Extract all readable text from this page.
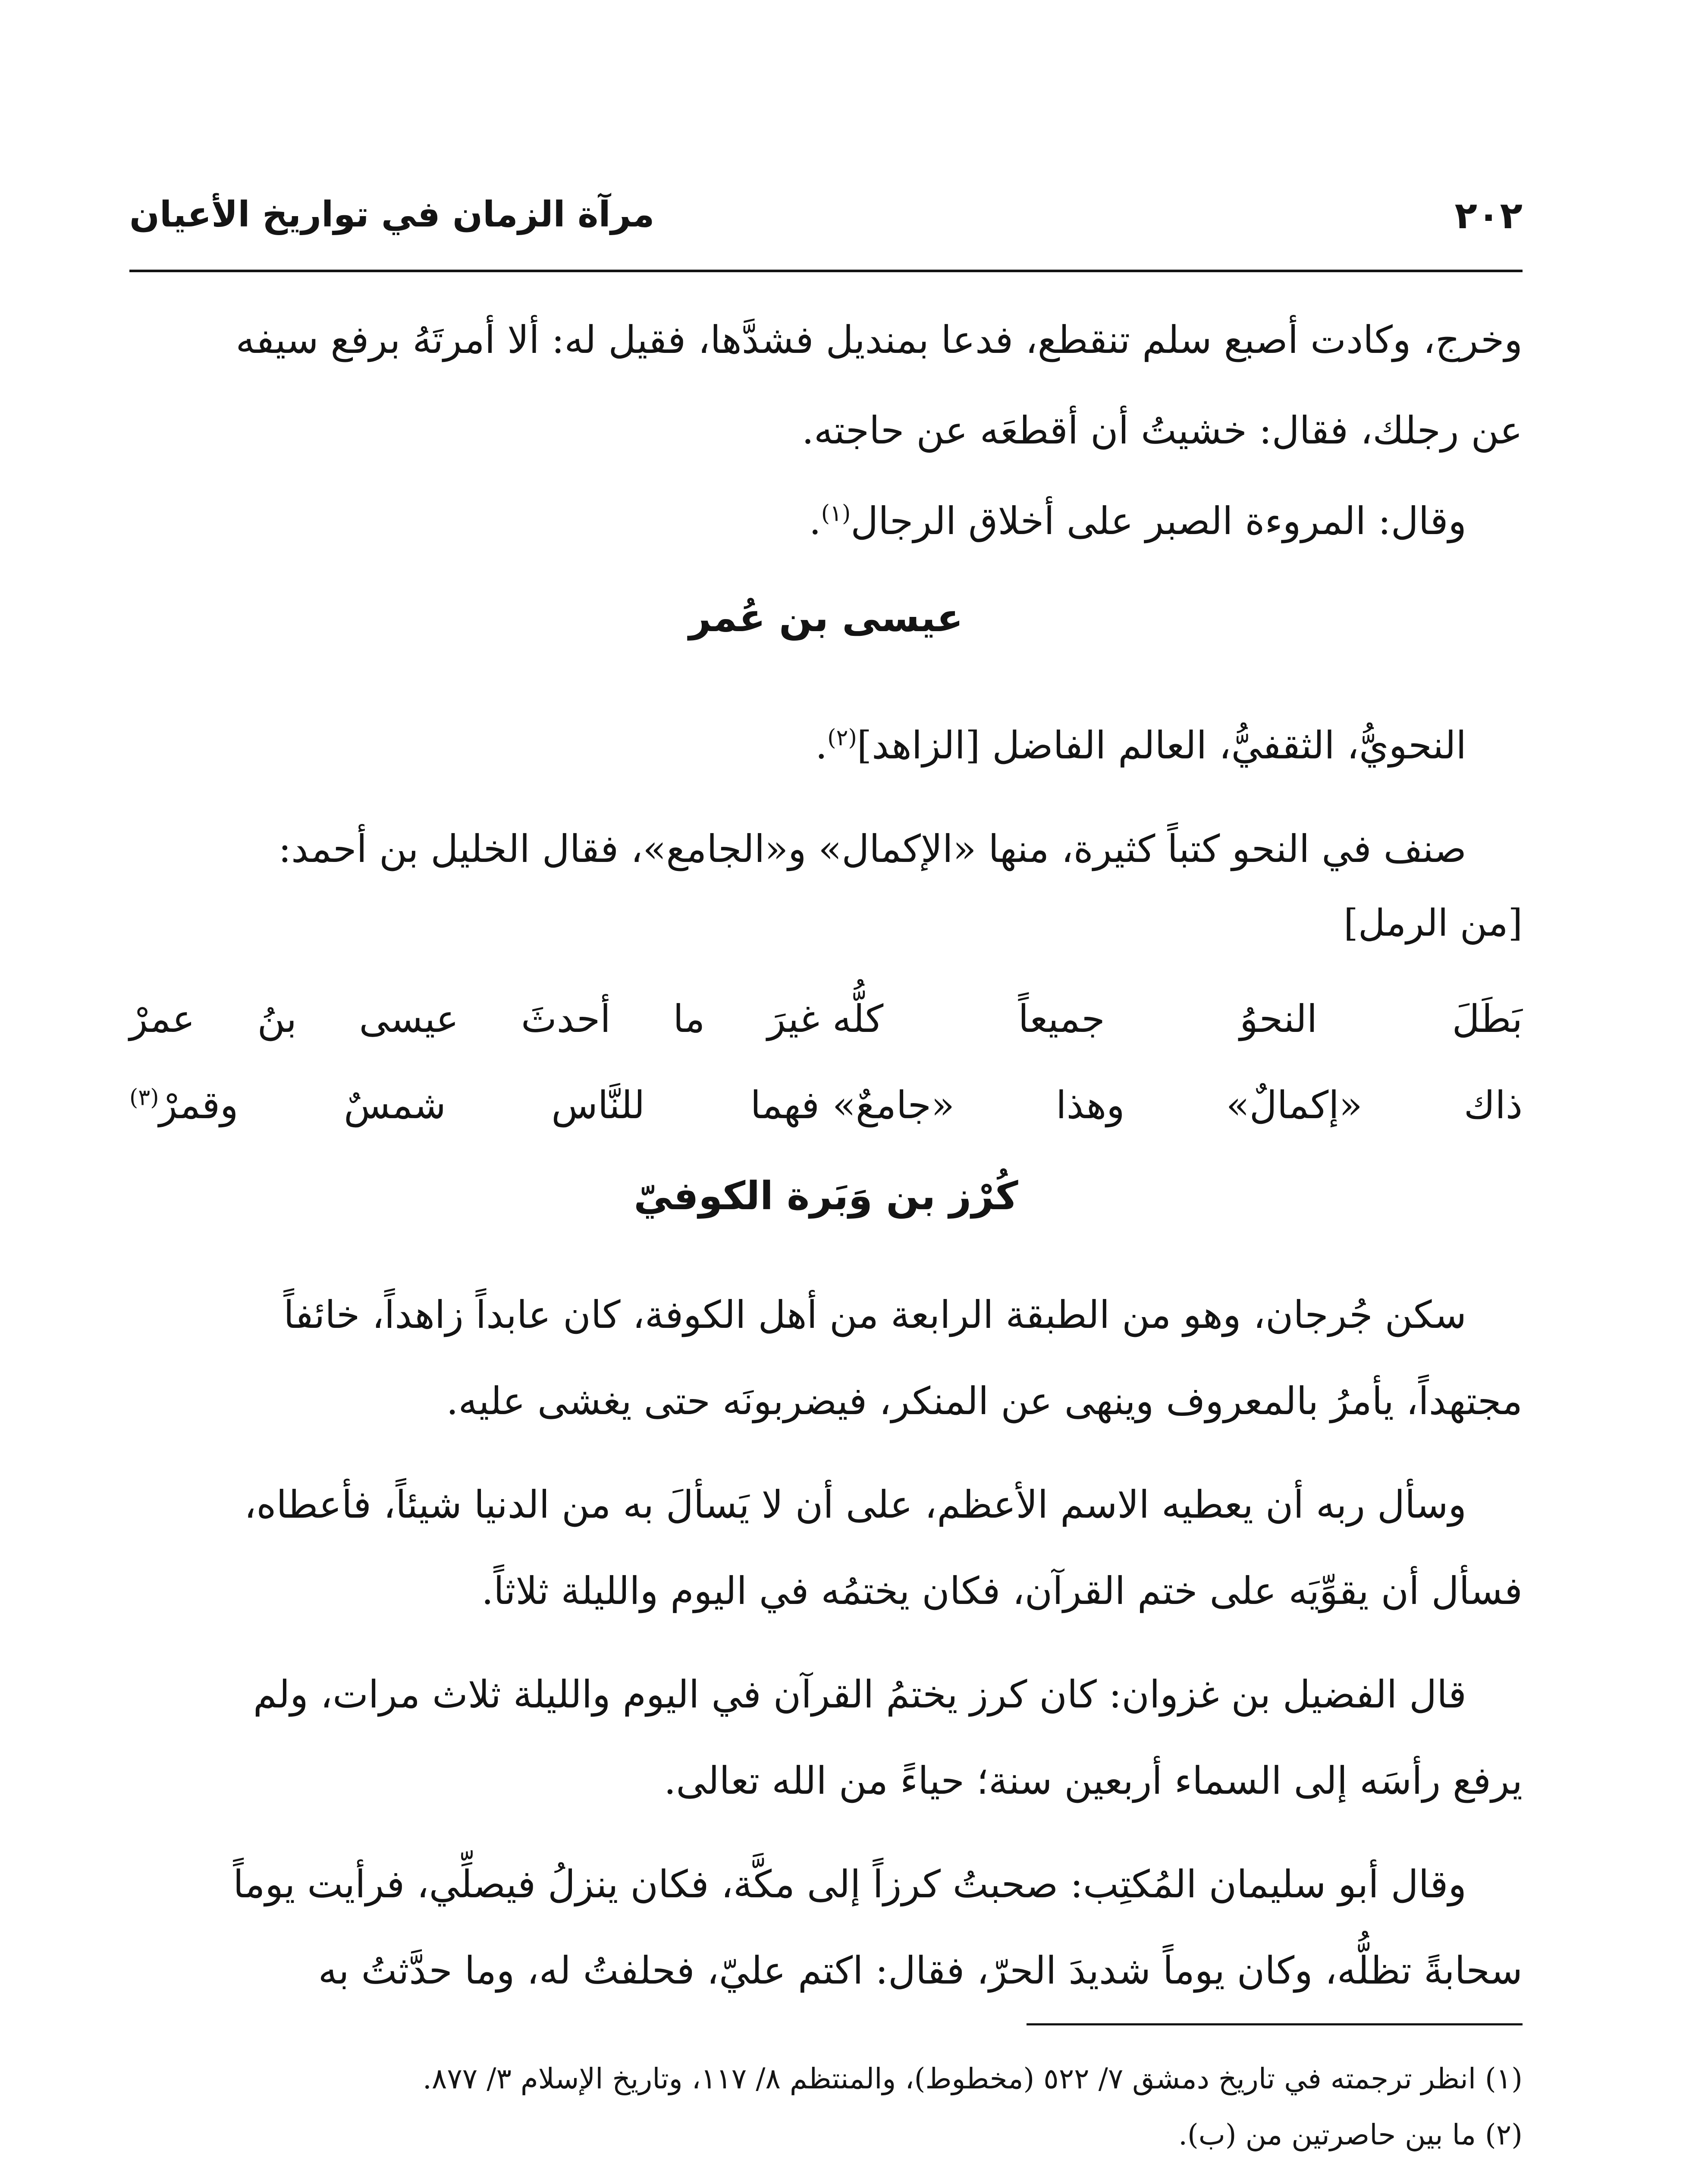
٢٠٢
مرآة الزمان في تواريخ الأعيان
وخرج، وكادت أصبع سلم تنقطع، فدعا بمنديل فشدَّها، فقيل له: ألا أمرتَهُ برفع سيفه
عن رجلك، فقال: خشيتُ أن أقطعَه عن حاجته.
وقال: المروءة الصبر على أخلاق الرجال$^{(١)}$.
عيسى بن عُمر
النحويُّ، الثقفيُّ، العالم الفاضل [الزاهد]$^{(٢)}$.
صنف في النحو كتباً كثيرة، منها «الإكمال» و«الجامع»، فقال الخليل بن أحمد:
[من الرمل]
بَطَلَ النحوُ جميعاً كلُّه
غيرَ ما أحدثَ عيسى بنُ عمرْ
ذاك «إكمالٌ» وهذا «جامعٌ»
فهما للنَّاس شمسٌ وقمرْ$^{(٣)}$
كُرْز بن وَبَرة الكوفيّ
سكن جُرجان، وهو من الطبقة الرابعة من أهل الكوفة، كان عابداً زاهداً، خائفاً
مجتهداً، يأمرُ بالمعروف وينهى عن المنكر، فيضربونَه حتى يغشى عليه.
وسأل ربه أن يعطيه الاسم الأعظم، على أن لا يَسألَ به من الدنيا شيئاً، فأعطاه،
فسأل أن يقوِّيَه على ختم القرآن، فكان يختمُه في اليوم والليلة ثلاثاً.
قال الفضيل بن غزوان: كان كرز يختمُ القرآن في اليوم والليلة ثلاث مرات، ولم
يرفع رأسَه إلى السماء أربعين سنة؛ حياءً من الله تعالى.
وقال أبو سليمان المُكتِب: صحبتُ كرزاً إلى مكَّة، فكان ينزلُ فيصلِّي، فرأيت يوماً
سحابةً تظلُّه، وكان يوماً شديدَ الحرّ، فقال: اكتم عليّ، فحلفتُ له، وما حدَّثتُ به
(١) انظر ترجمته في تاريخ دمشق ٧/ ٥٢٢ (مخطوط)، والمنتظم ٨/ ١١٧، وتاريخ الإسلام ٣/ ٨٧٧.
(٢) ما بين حاصرتين من (ب).
